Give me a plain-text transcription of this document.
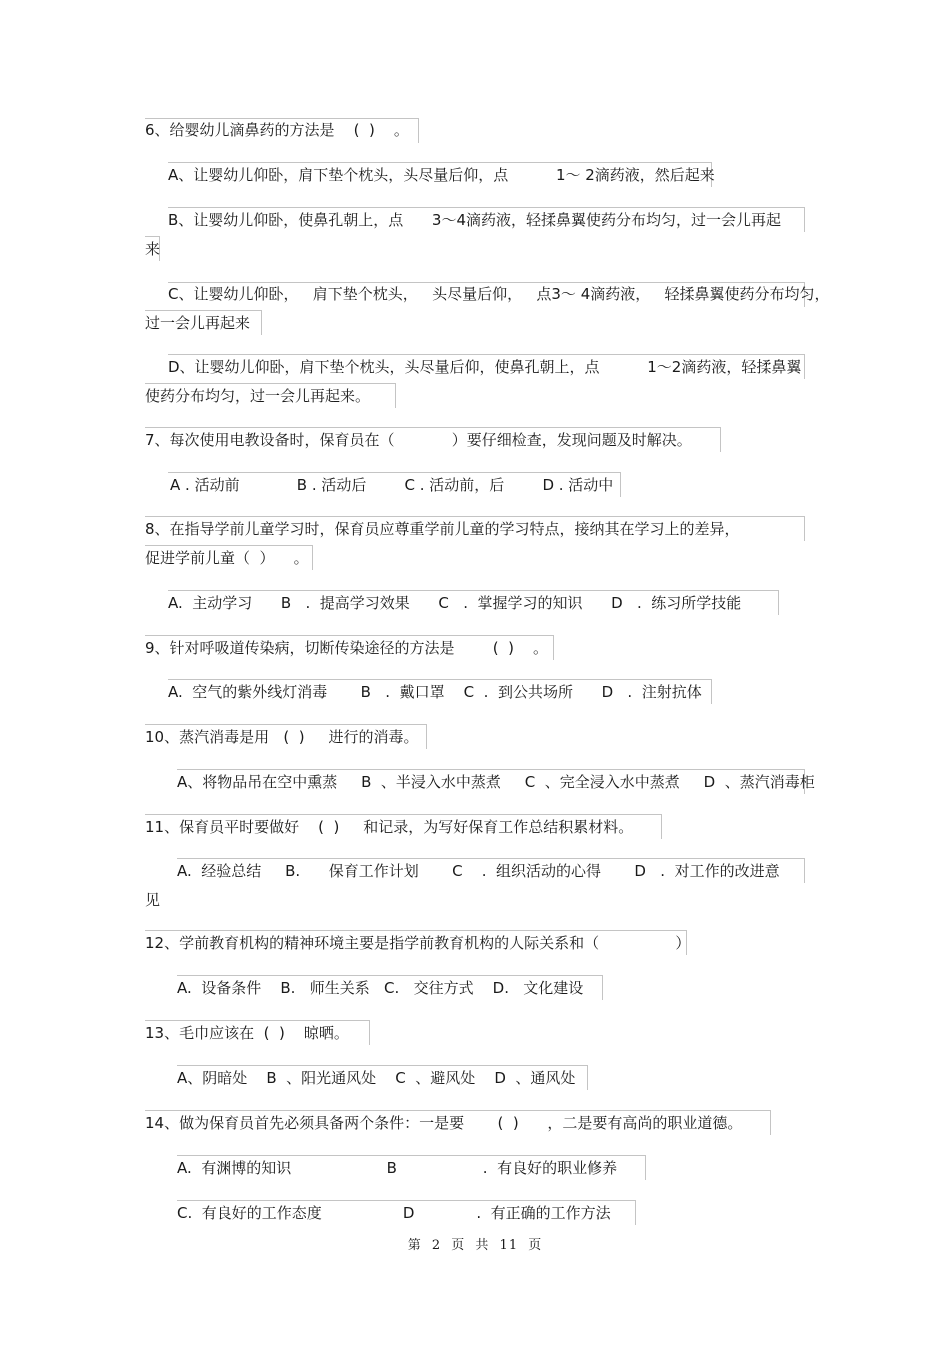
6、给婴幼儿滴鼻药的方法是    (  )    。

A、让婴幼儿仰卧，肩下垫个枕头，头尽量后仰，点          1～ 2滴药液，然后起来

B、让婴幼儿仰卧，使鼻孔朝上，点      3～4滴药液，轻揉鼻翼使药分布均匀，过一会儿再起

来

C、让婴幼儿仰卧，   肩下垫个枕头，   头尽量后仰，   点3～ 4滴药液，   轻揉鼻翼使药分布均匀，

过一会儿再起来

D、让婴幼儿仰卧，肩下垫个枕头，头尽量后仰，使鼻孔朝上，点          1～2滴药液，轻揉鼻翼

使药分布均匀，过一会儿再起来。

7、每次使用电教设备时，保育员在（            ）要仔细检查，发现问题及时解决。

A . 活动前            B . 活动后        C . 活动前，后        D . 活动中

8、在指导学前儿童学习时，保育员应尊重学前儿童的学习特点，接纳其在学习上的差异，

促进学前儿童（  ）    。

A.  主动学习      B   .  提高学习效果      C   .  掌握学习的知识      D   .  练习所学技能

9、针对呼吸道传染病，切断传染途径的方法是        (  )    。

A.  空气的紫外线灯消毒       B   .  戴口罩    C  .  到公共场所      D   .  注射抗体

10、蒸汽消毒是用   (  )     进行的消毒。

A、将物品吊在空中熏蒸     B  、半浸入水中蒸煮     C  、完全浸入水中蒸煮     D  、蒸汽消毒柜

11、保育员平时要做好    (  )     和记录，为写好保育工作总结积累材料。

A.  经验总结     B.      保育工作计划       C    .  组织活动的心得       D   .  对工作的改进意

见

12、学前教育机构的精神环境主要是指学前教育机构的人际关系和（                ）

A.  设备条件    B.   师生关系   C.   交往方式    D.   文化建设

13、毛巾应该在  (  )    晾晒。

A、阴暗处    B  、阳光通风处    C  、避风处    D  、通风处

14、做为保育员首先必须具备两个条件：一是要       (  )      ，二是要有高尚的职业道德。

A.  有渊博的知识                    B                  .  有良好的职业修养

C.  有良好的工作态度                 D             .  有正确的工作方法

第 2 页 共 11 页
